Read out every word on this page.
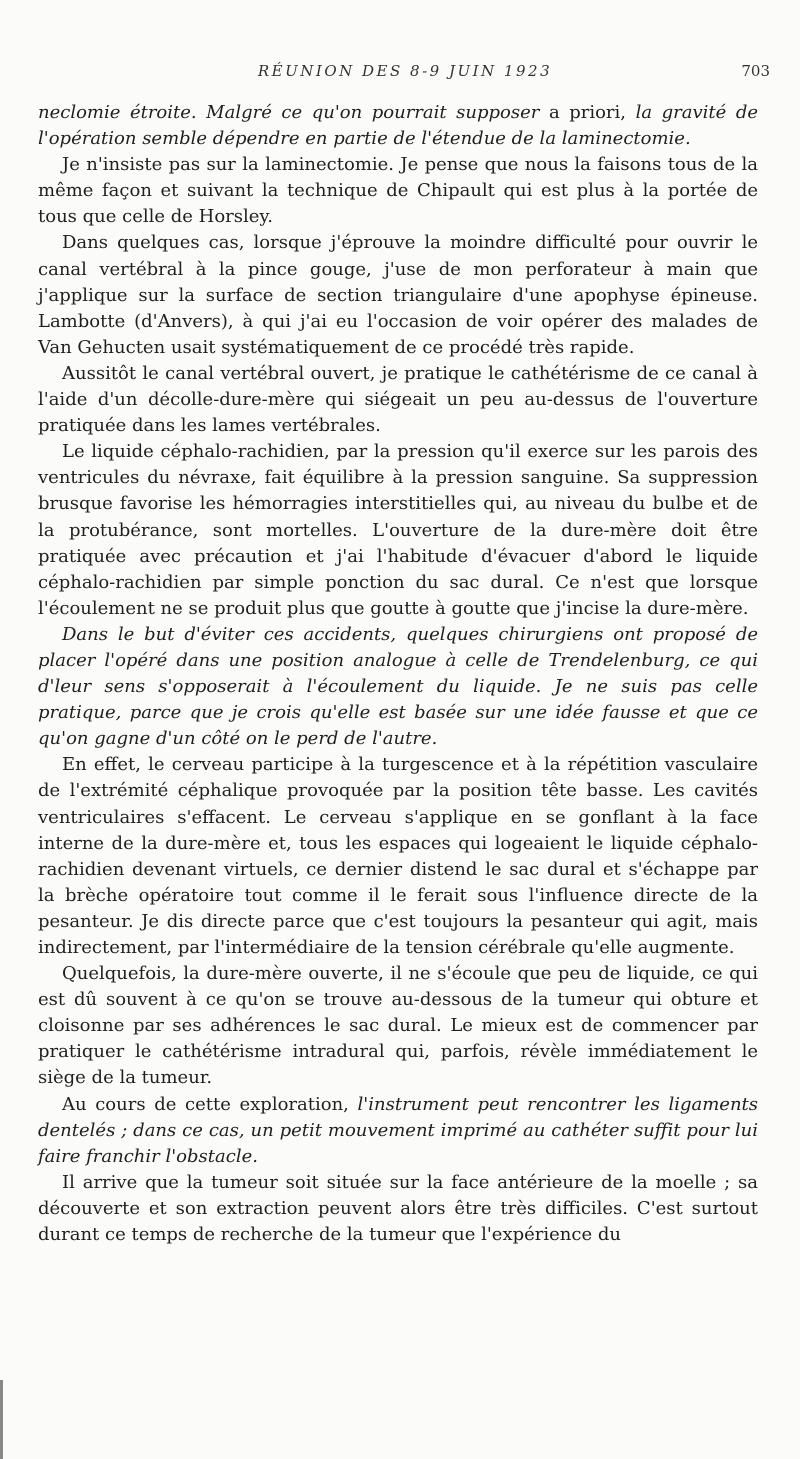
RÉUNION DES 8-9 JUIN 1923	703

neclomie étroite. Malgré ce qu'on pourrait supposer a priori, la gravité de l'opération semble dépendre en partie de l'étendue de la laminectomie.

Je n'insiste pas sur la laminectomie. Je pense que nous la faisons tous de la même façon et suivant la technique de Chipault qui est plus à la portée de tous que celle de Horsley.

Dans quelques cas, lorsque j'éprouve la moindre difficulté pour ouvrir le canal vertébral à la pince gouge, j'use de mon perforateur à main que j'applique sur la surface de section triangulaire d'une apophyse épineuse. Lambotte (d'Anvers), à qui j'ai eu l'occasion de voir opérer des malades de Van Gehucten usait systématiquement de ce procédé très rapide.

Aussitôt le canal vertébral ouvert, je pratique le cathétérisme de ce canal à l'aide d'un décolle-dure-mère qui siégeait un peu au-dessus de l'ouverture pratiquée dans les lames vertébrales.

Le liquide céphalo-rachidien, par la pression qu'il exerce sur les parois des ventricules du névraxe, fait équilibre à la pression sanguine. Sa suppression brusque favorise les hémorragies interstitielles qui, au niveau du bulbe et de la protubérance, sont mortelles. L'ouverture de la dure-mère doit être pratiquée avec précaution et j'ai l'habitude d'évacuer d'abord le liquide céphalo-rachidien par simple ponction du sac dural. Ce n'est que lorsque l'écoulement ne se produit plus que goutte à goutte que j'incise la dure-mère.

Dans le but d'éviter ces accidents, quelques chirurgiens ont proposé de placer l'opéré dans une position analogue à celle de Trendelenburg, ce qui d'leur sens s'opposerait à l'écoulement du liquide. Je ne suis pas celle pratique, parce que je crois qu'elle est basée sur une idée fausse et que ce qu'on gagne d'un côté on le perd de l'autre.

En effet, le cerveau participe à la turgescence et à la répétition vasculaire de l'extrémité céphalique provoquée par la position tête basse. Les cavités ventriculaires s'effacent. Le cerveau s'applique en se gonflant à la face interne de la dure-mère et, tous les espaces qui logeaient le liquide céphalo-rachidien devenant virtuels, ce dernier distend le sac dural et s'échappe par la brèche opératoire tout comme il le ferait sous l'influence directe de la pesanteur. Je dis directe parce que c'est toujours la pesanteur qui agit, mais indirectement, par l'intermédiaire de la tension cérébrale qu'elle augmente.

Quelquefois, la dure-mère ouverte, il ne s'écoule que peu de liquide, ce qui est dû souvent à ce qu'on se trouve au-dessous de la tumeur qui obture et cloisonne par ses adhérences le sac dural. Le mieux est de commencer par pratiquer le cathétérisme intradural qui, parfois, révèle immédiatement le siège de la tumeur.

Au cours de cette exploration, l'instrument peut rencontrer les ligaments dentelés ; dans ce cas, un petit mouvement imprimé au cathéter suffit pour lui faire franchir l'obstacle.

Il arrive que la tumeur soit située sur la face antérieure de la moelle ; sa découverte et son extraction peuvent alors être très difficiles. C'est surtout durant ce temps de recherche de la tumeur que l'expérience du
